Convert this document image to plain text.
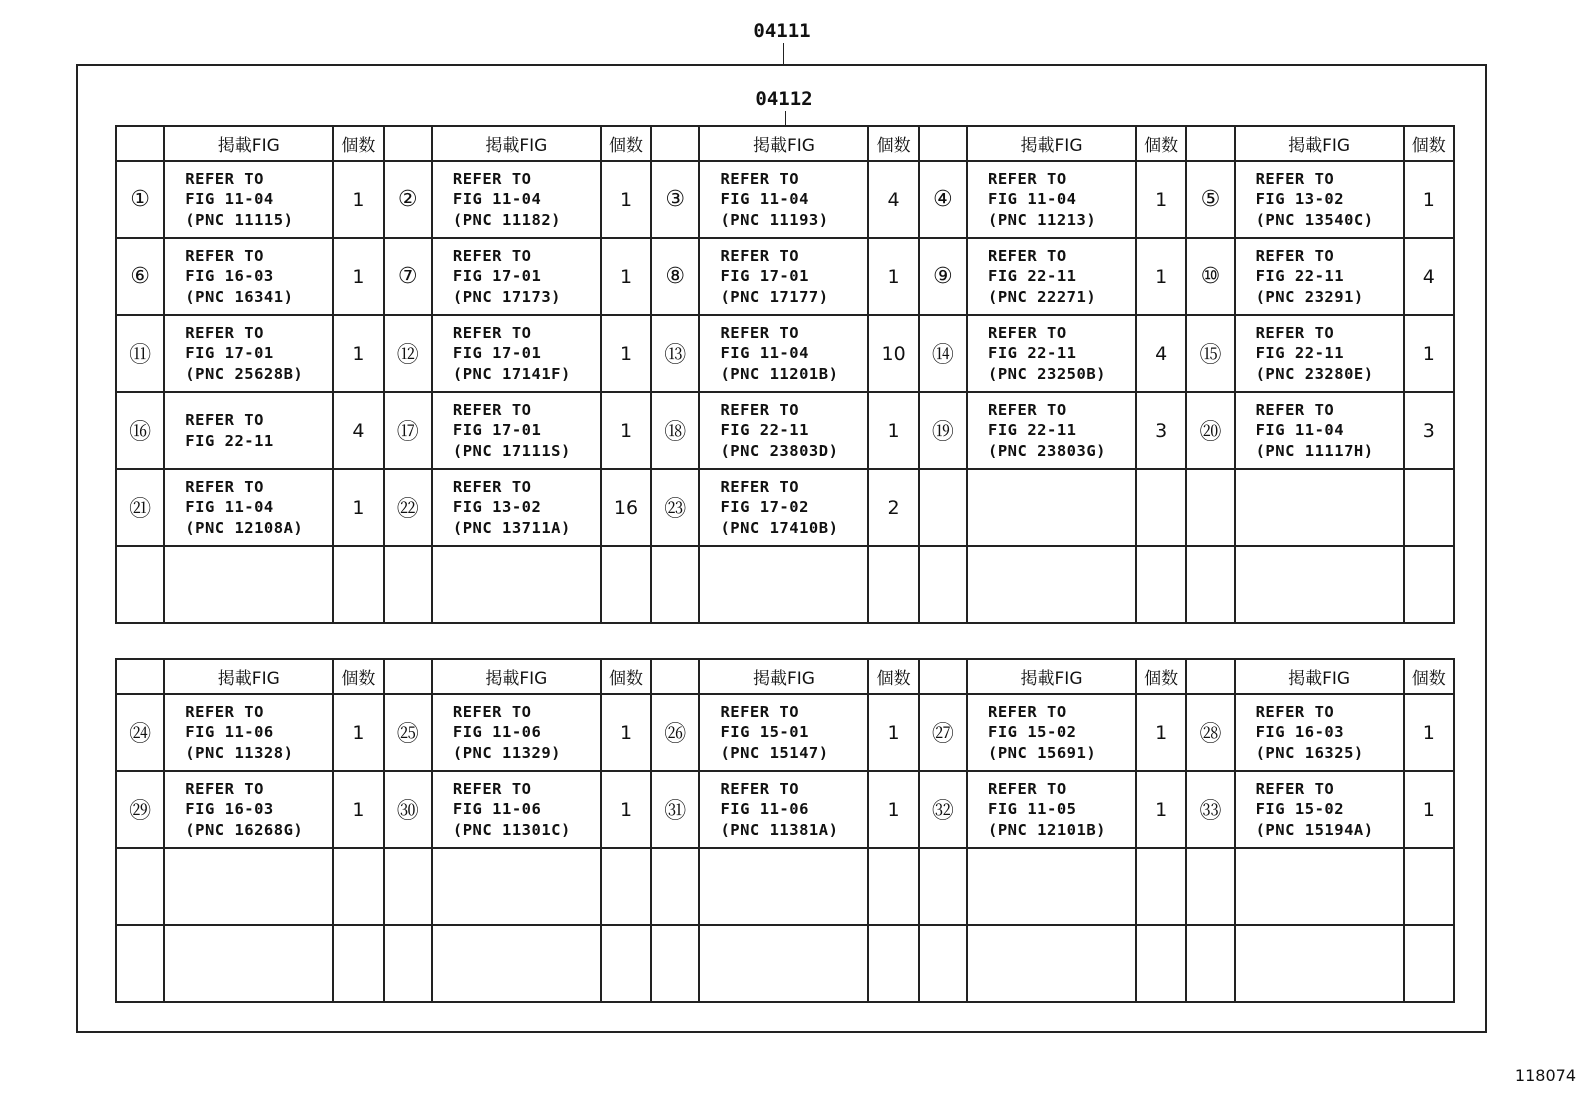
04111
04112
	掲載FIG	個数		掲載FIG	個数		掲載FIG	個数		掲載FIG	個数		掲載FIG	個数
①	REFER TO
FIG 11-04
(PNC 11115)	1	②	REFER TO
FIG 11-04
(PNC 11182)	1	③	REFER TO
FIG 11-04
(PNC 11193)	4	④	REFER TO
FIG 11-04
(PNC 11213)	1	⑤	REFER TO
FIG 13-02
(PNC 13540C)	1
⑥	REFER TO
FIG 16-03
(PNC 16341)	1	⑦	REFER TO
FIG 17-01
(PNC 17173)	1	⑧	REFER TO
FIG 17-01
(PNC 17177)	1	⑨	REFER TO
FIG 22-11
(PNC 22271)	1	⑩	REFER TO
FIG 22-11
(PNC 23291)	4
⑪	REFER TO
FIG 17-01
(PNC 25628B)	1	⑫	REFER TO
FIG 17-01
(PNC 17141F)	1	⑬	REFER TO
FIG 11-04
(PNC 11201B)	10	⑭	REFER TO
FIG 22-11
(PNC 23250B)	4	⑮	REFER TO
FIG 22-11
(PNC 23280E)	1
⑯	REFER TO
FIG 22-11	4	⑰	REFER TO
FIG 17-01
(PNC 17111S)	1	⑱	REFER TO
FIG 22-11
(PNC 23803D)	1	⑲	REFER TO
FIG 22-11
(PNC 23803G)	3	⑳	REFER TO
FIG 11-04
(PNC 11117H)	3
㉑	REFER TO
FIG 11-04
(PNC 12108A)	1	㉒	REFER TO
FIG 13-02
(PNC 13711A)	16	㉓	REFER TO
FIG 17-02
(PNC 17410B)	2						

	掲載FIG	個数		掲載FIG	個数		掲載FIG	個数		掲載FIG	個数		掲載FIG	個数
㉔	REFER TO
FIG 11-06
(PNC 11328)	1	㉕	REFER TO
FIG 11-06
(PNC 11329)	1	㉖	REFER TO
FIG 15-01
(PNC 15147)	1	㉗	REFER TO
FIG 15-02
(PNC 15691)	1	㉘	REFER TO
FIG 16-03
(PNC 16325)	1
㉙	REFER TO
FIG 16-03
(PNC 16268G)	1	㉚	REFER TO
FIG 11-06
(PNC 11301C)	1	㉛	REFER TO
FIG 11-06
(PNC 11381A)	1	㉜	REFER TO
FIG 11-05
(PNC 12101B)	1	㉝	REFER TO
FIG 15-02
(PNC 15194A)	1

118074
